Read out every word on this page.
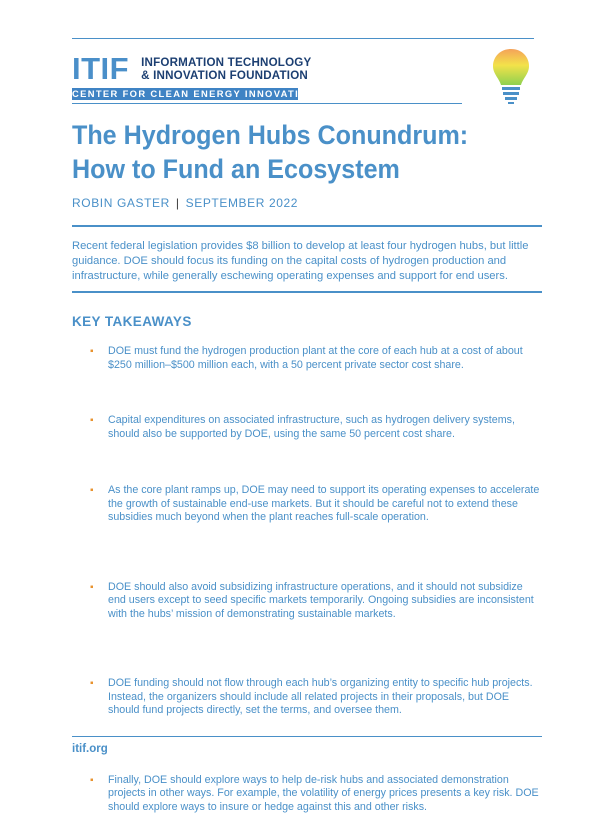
ITIF INFORMATION TECHNOLOGY
& INNOVATION FOUNDATION
CENTER FOR CLEAN ENERGY INNOVATION
The Hydrogen Hubs Conundrum:
How to Fund an Ecosystem
ROBIN GASTER | SEPTEMBER 2022

Recent federal legislation provides $8 billion to develop at least four hydrogen hubs, but little guidance. DOE should focus its funding on the capital costs of hydrogen production and infrastructure, while generally eschewing operating expenses and support for end users.

KEY TAKEAWAYS
▪ DOE must fund the hydrogen production plant at the core of each hub at a cost of about $250 million–$500 million each, with a 50 percent private sector cost share.
▪ Capital expenditures on associated infrastructure, such as hydrogen delivery systems, should also be supported by DOE, using the same 50 percent cost share.
▪ As the core plant ramps up, DOE may need to support its operating expenses to accelerate the growth of sustainable end-use markets. But it should be careful not to extend these subsidies much beyond when the plant reaches full-scale operation.
▪ DOE should also avoid subsidizing infrastructure operations, and it should not subsidize end users except to seed specific markets temporarily. Ongoing subsidies are inconsistent with the hubs’ mission of demonstrating sustainable markets.
▪ DOE funding should not flow through each hub’s organizing entity to specific hub projects. Instead, the organizers should include all related projects in their proposals, but DOE should fund projects directly, set the terms, and oversee them.
▪ Finally, DOE should explore ways to help de-risk hubs and associated demonstration projects in other ways. For example, the volatility of energy prices presents a key risk. DOE should explore ways to insure or hedge against this and other risks.
itif.org
